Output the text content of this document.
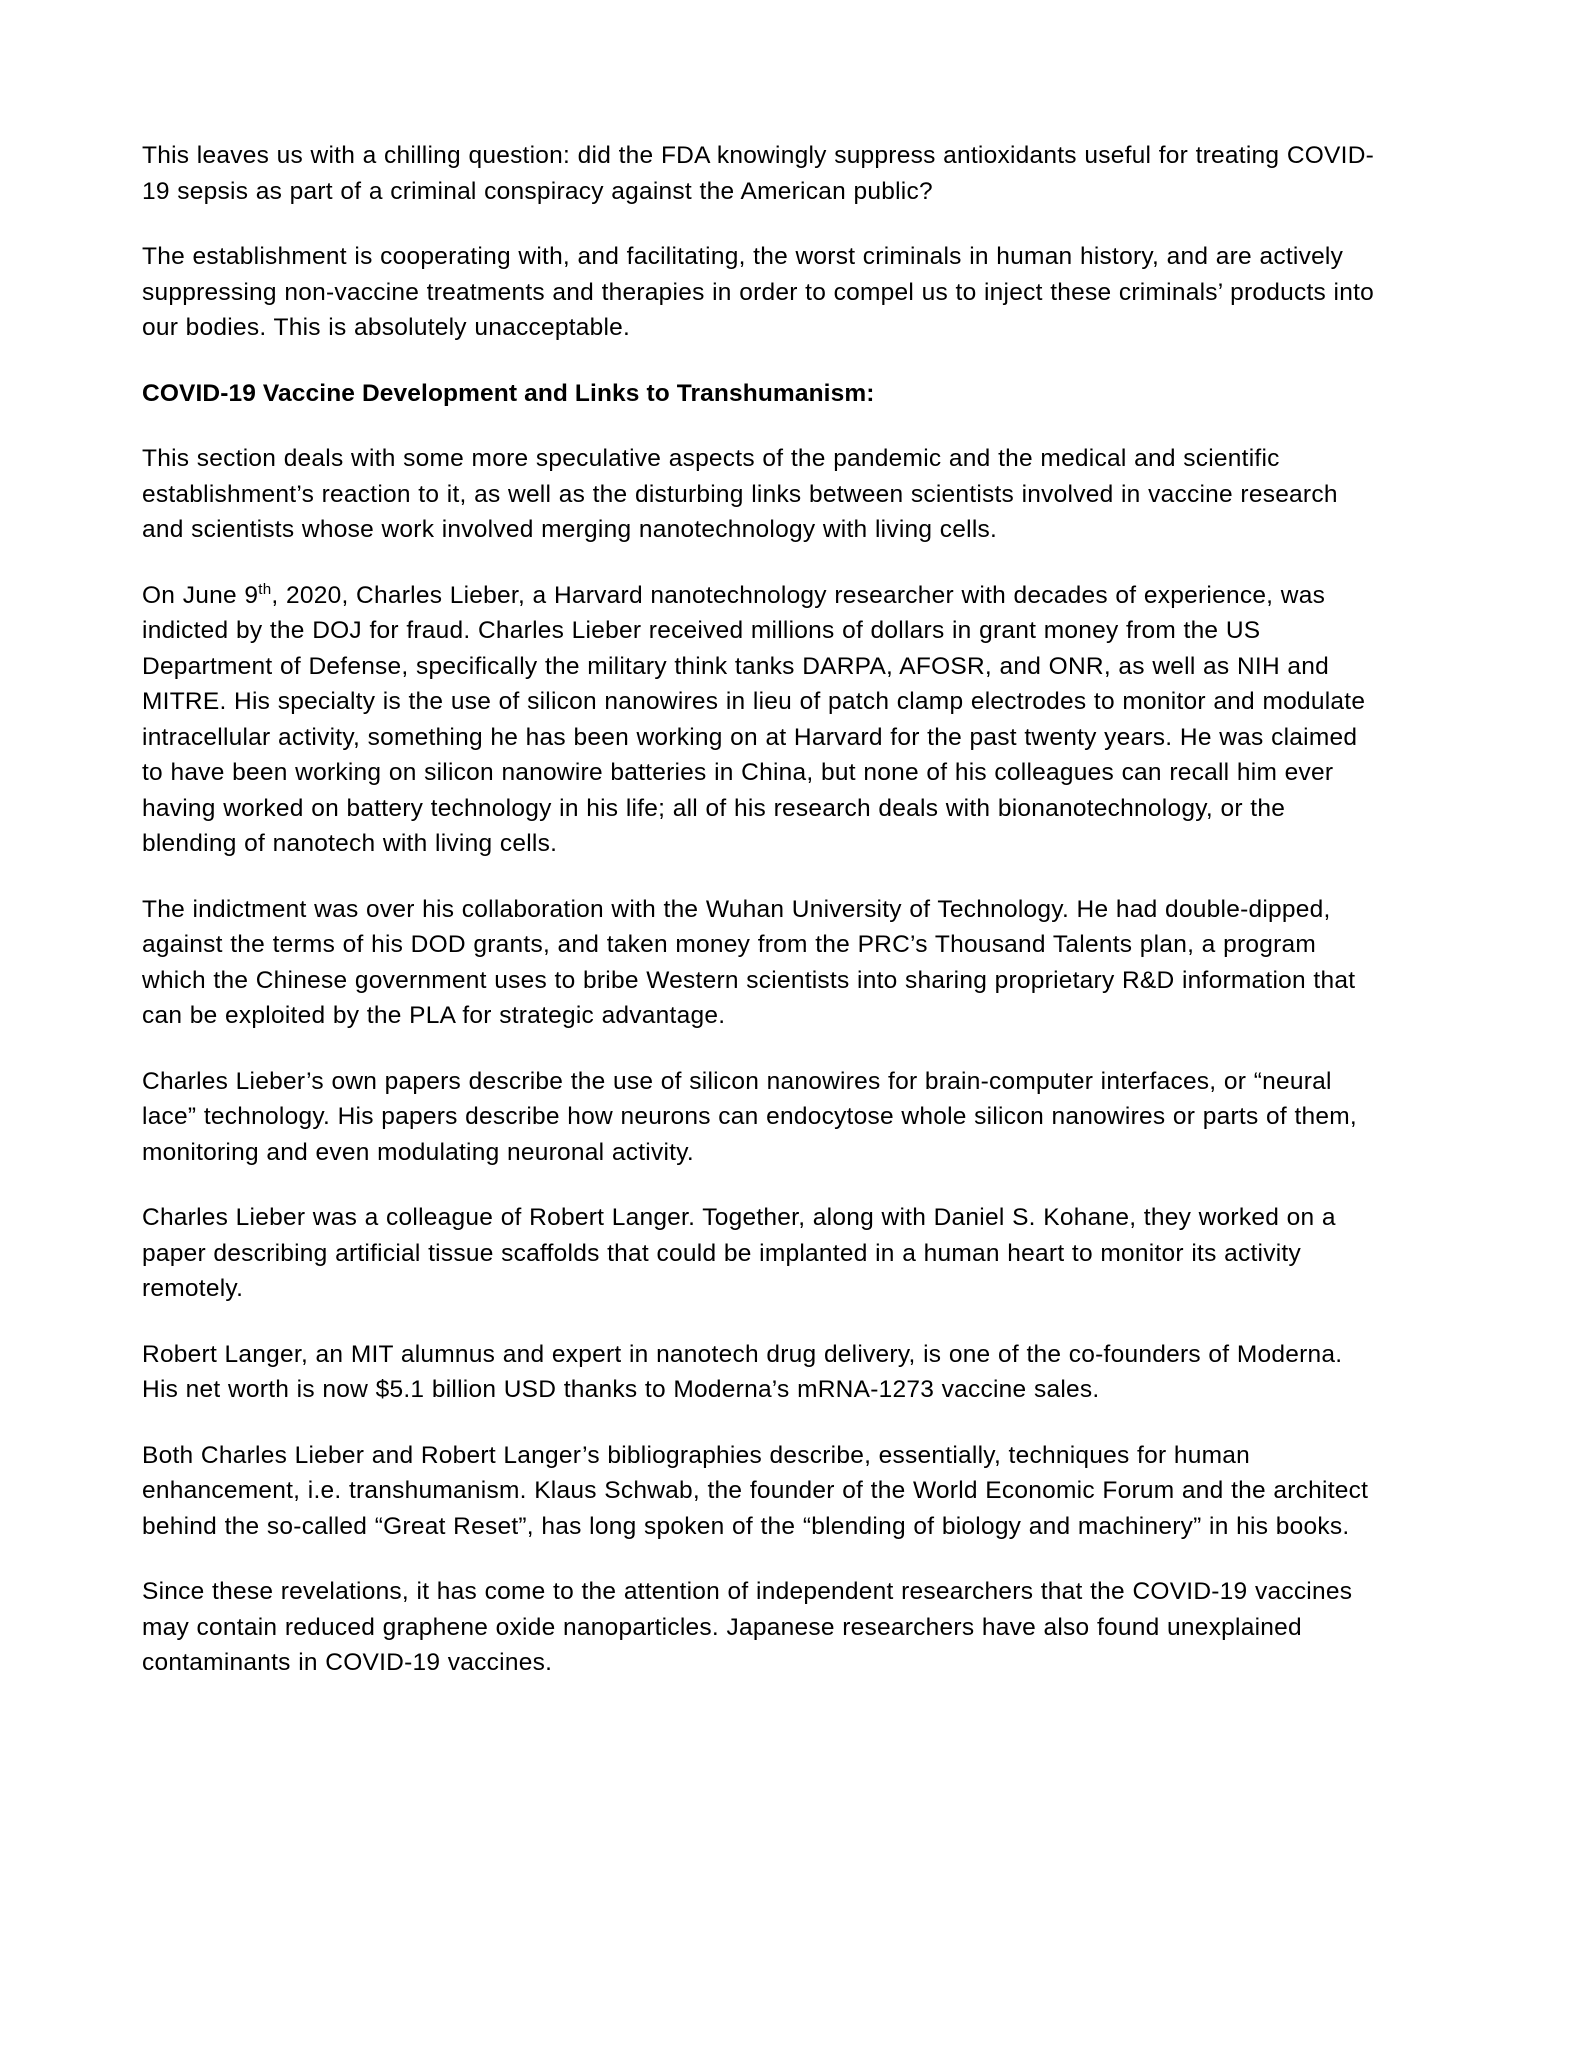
This leaves us with a chilling question: did the FDA knowingly suppress antioxidants useful for treating COVID-19 sepsis as part of a criminal conspiracy against the American public?

The establishment is cooperating with, and facilitating, the worst criminals in human history, and are actively suppressing non-vaccine treatments and therapies in order to compel us to inject these criminals’ products into our bodies. This is absolutely unacceptable.

COVID-19 Vaccine Development and Links to Transhumanism:

This section deals with some more speculative aspects of the pandemic and the medical and scientific establishment’s reaction to it, as well as the disturbing links between scientists involved in vaccine research and scientists whose work involved merging nanotechnology with living cells.

On June 9th, 2020, Charles Lieber, a Harvard nanotechnology researcher with decades of experience, was indicted by the DOJ for fraud. Charles Lieber received millions of dollars in grant money from the US Department of Defense, specifically the military think tanks DARPA, AFOSR, and ONR, as well as NIH and MITRE. His specialty is the use of silicon nanowires in lieu of patch clamp electrodes to monitor and modulate intracellular activity, something he has been working on at Harvard for the past twenty years. He was claimed to have been working on silicon nanowire batteries in China, but none of his colleagues can recall him ever having worked on battery technology in his life; all of his research deals with bionanotechnology, or the blending of nanotech with living cells.

The indictment was over his collaboration with the Wuhan University of Technology. He had double-dipped, against the terms of his DOD grants, and taken money from the PRC’s Thousand Talents plan, a program which the Chinese government uses to bribe Western scientists into sharing proprietary R&D information that can be exploited by the PLA for strategic advantage.

Charles Lieber’s own papers describe the use of silicon nanowires for brain-computer interfaces, or “neural lace” technology. His papers describe how neurons can endocytose whole silicon nanowires or parts of them, monitoring and even modulating neuronal activity.

Charles Lieber was a colleague of Robert Langer. Together, along with Daniel S. Kohane, they worked on a paper describing artificial tissue scaffolds that could be implanted in a human heart to monitor its activity remotely.

Robert Langer, an MIT alumnus and expert in nanotech drug delivery, is one of the co-founders of Moderna. His net worth is now $5.1 billion USD thanks to Moderna’s mRNA-1273 vaccine sales.

Both Charles Lieber and Robert Langer’s bibliographies describe, essentially, techniques for human enhancement, i.e. transhumanism. Klaus Schwab, the founder of the World Economic Forum and the architect behind the so-called “Great Reset”, has long spoken of the “blending of biology and machinery” in his books.

Since these revelations, it has come to the attention of independent researchers that the COVID-19 vaccines may contain reduced graphene oxide nanoparticles. Japanese researchers have also found unexplained contaminants in COVID-19 vaccines.
